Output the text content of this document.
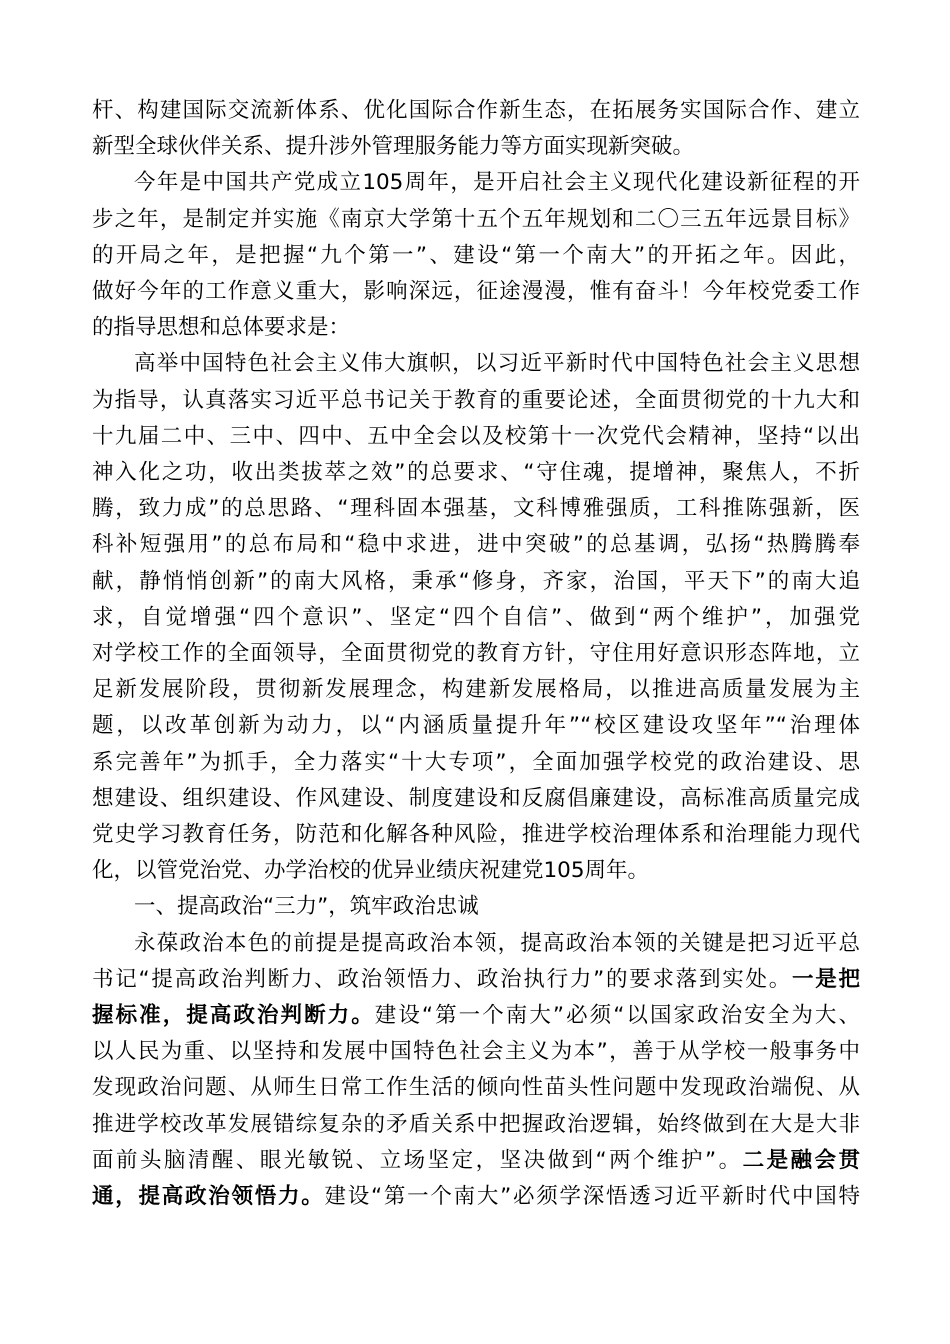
杆、构建国际交流新体系、优化国际合作新生态，在拓展务实国际合作、建立
新型全球伙伴关系、提升涉外管理服务能力等方面实现新突破。
今年是中国共产党成立105周年，是开启社会主义现代化建设新征程的开
步之年，是制定并实施《南京大学第十五个五年规划和二〇三五年远景目标》
的开局之年，是把握“九个第一”、建设“第一个南大”的开拓之年。因此，
做好今年的工作意义重大，影响深远，征途漫漫，惟有奋斗！今年校党委工作
的指导思想和总体要求是：
高举中国特色社会主义伟大旗帜，以习近平新时代中国特色社会主义思想
为指导，认真落实习近平总书记关于教育的重要论述，全面贯彻党的十九大和
十九届二中、三中、四中、五中全会以及校第十一次党代会精神，坚持“以出
神入化之功，收出类拔萃之效”的总要求、“守住魂，提增神，聚焦人，不折
腾，致力成”的总思路、“理科固本强基，文科博雅强质，工科推陈强新，医
科补短强用”的总布局和“稳中求进，进中突破”的总基调，弘扬“热腾腾奉
献，静悄悄创新”的南大风格，秉承“修身，齐家，治国，平天下”的南大追
求，自觉增强“四个意识”、坚定“四个自信”、做到“两个维护”，加强党
对学校工作的全面领导，全面贯彻党的教育方针，守住用好意识形态阵地，立
足新发展阶段，贯彻新发展理念，构建新发展格局，以推进高质量发展为主
题，以改革创新为动力，以“内涵质量提升年”“校区建设攻坚年”“治理体
系完善年”为抓手，全力落实“十大专项”，全面加强学校党的政治建设、思
想建设、组织建设、作风建设、制度建设和反腐倡廉建设，高标准高质量完成
党史学习教育任务，防范和化解各种风险，推进学校治理体系和治理能力现代
化，以管党治党、办学治校的优异业绩庆祝建党105周年。
一、提高政治“三力”，筑牢政治忠诚
永葆政治本色的前提是提高政治本领，提高政治本领的关键是把习近平总
书记“提高政治判断力、政治领悟力、政治执行力”的要求落到实处。一是把
握标准，提高政治判断力。建设“第一个南大”必须“以国家政治安全为大、
以人民为重、以坚持和发展中国特色社会主义为本”，善于从学校一般事务中
发现政治问题、从师生日常工作生活的倾向性苗头性问题中发现政治端倪、从
推进学校改革发展错综复杂的矛盾关系中把握政治逻辑，始终做到在大是大非
面前头脑清醒、眼光敏锐、立场坚定，坚决做到“两个维护”。二是融会贯
通，提高政治领悟力。建设“第一个南大”必须学深悟透习近平新时代中国特
